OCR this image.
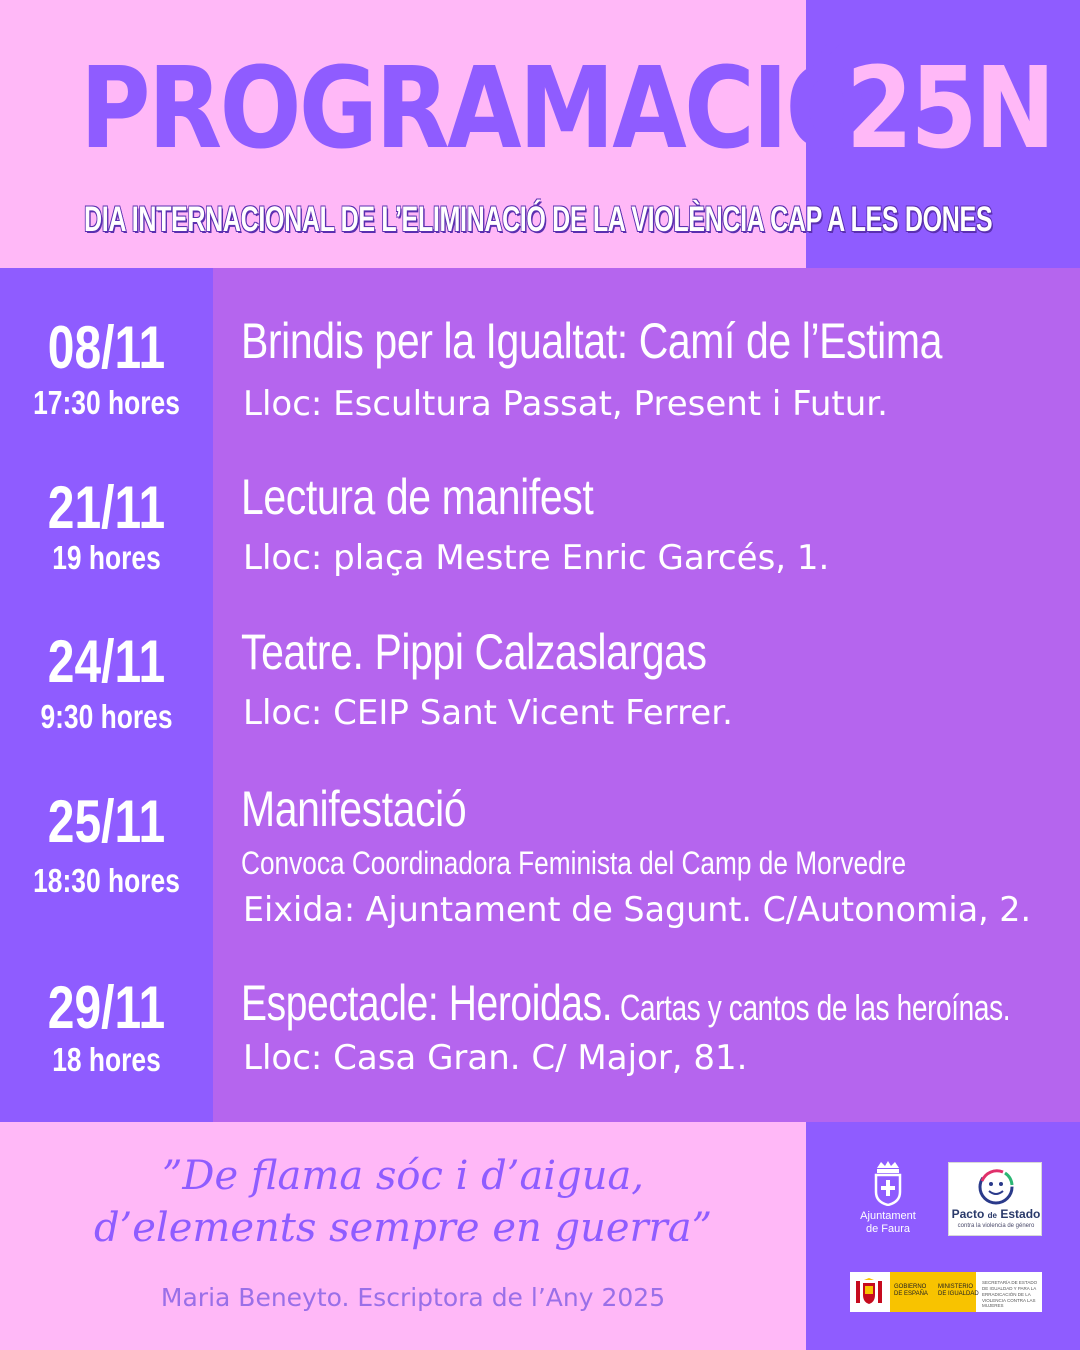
PROGRAMACIÓ
25N
DIA INTERNACIONAL DE L’ELIMINACIÓ DE LA VIOLÈNCIA CAP A LES DONES
08/11
17:30 hores
Brindis per la Igualtat: Camí de l’Estima
Lloc: Escultura Passat, Present i Futur.
21/11
19 hores
Lectura de manifest
Lloc: plaça Mestre Enric Garcés, 1.
24/11
9:30 hores
Teatre. Pippi Calzaslargas
Lloc: CEIP Sant Vicent Ferrer.
25/11
18:30 hores
Manifestació
Convoca Coordinadora Feminista del Camp de Morvedre
Eixida: Ajuntament de Sagunt. C/Autonomia, 2.
29/11
18 hores
Espectacle: Heroidas. Cartas y cantos de las heroínas.
Lloc: Casa Gran. C/ Major, 81.
”De flama sóc i d’aigua,
d’elements sempre en guerra”
Maria Beneyto. Escriptora de l’Any 2025
Ajuntament
de Faura
Pacto de Estado
contra la violencia de género
GOBIERNO
DE ESPAÑA
MINISTERIO
DE IGUALDAD
SECRETARÍA DE ESTADO DE IGUALDAD Y PARA LA ERRADICACIÓN DE LA VIOLENCIA CONTRA LAS MUJERES
